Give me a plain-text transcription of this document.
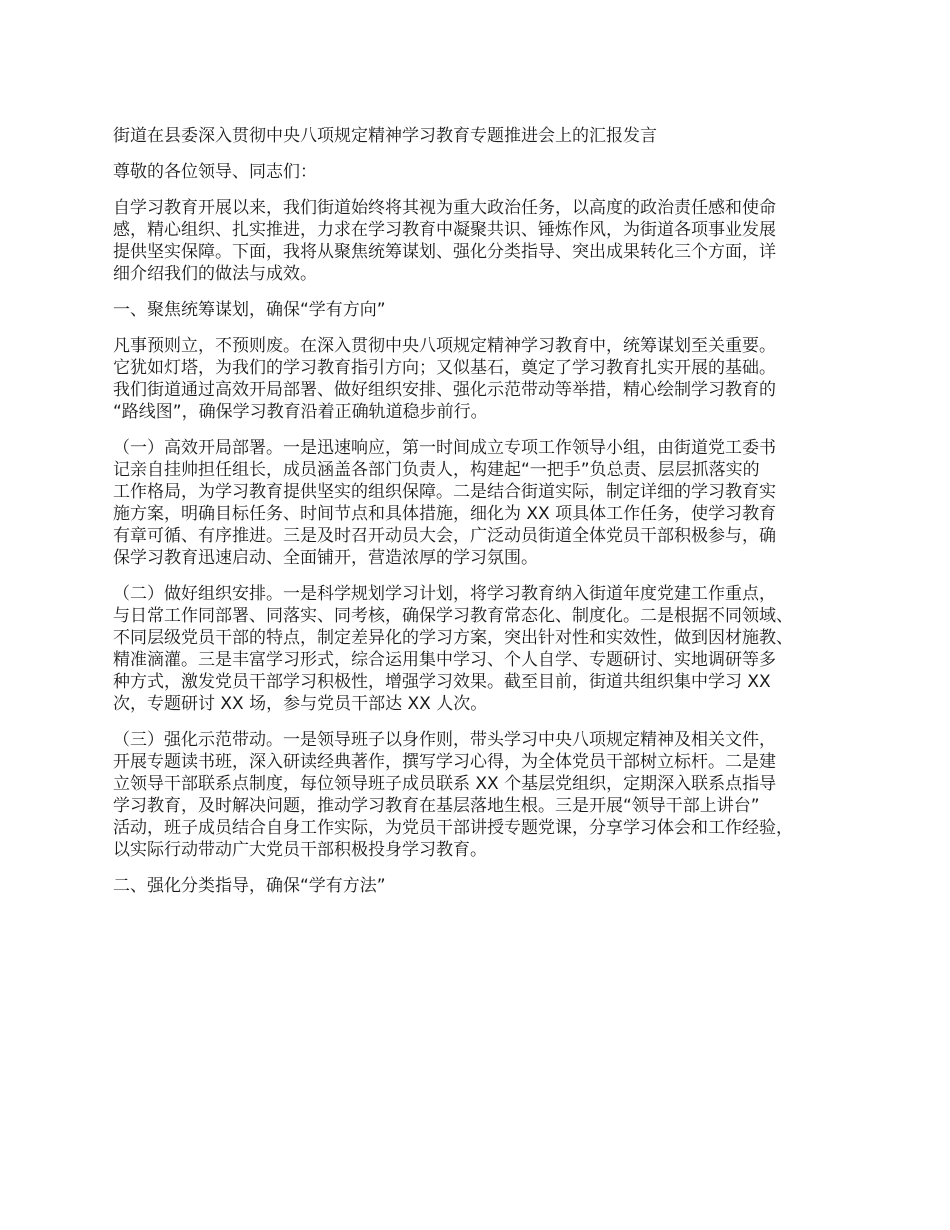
街道在县委深入贯彻中央八项规定精神学习教育专题推进会上的汇报发言

尊敬的各位领导、同志们：

自学习教育开展以来，我们街道始终将其视为重大政治任务，以高度的政治责任感和使命
感，精心组织、扎实推进，力求在学习教育中凝聚共识、锤炼作风，为街道各项事业发展
提供坚实保障。下面，我将从聚焦统筹谋划、强化分类指导、突出成果转化三个方面，详
细介绍我们的做法与成效。

一、聚焦统筹谋划，确保“学有方向”

凡事预则立，不预则废。在深入贯彻中央八项规定精神学习教育中，统筹谋划至关重要。
它犹如灯塔，为我们的学习教育指引方向；又似基石，奠定了学习教育扎实开展的基础。
我们街道通过高效开局部署、做好组织安排、强化示范带动等举措，精心绘制学习教育的
“路线图”，确保学习教育沿着正确轨道稳步前行。

（一）高效开局部署。一是迅速响应，第一时间成立专项工作领导小组，由街道党工委书
记亲自挂帅担任组长，成员涵盖各部门负责人，构建起“一把手”负总责、层层抓落实的
工作格局，为学习教育提供坚实的组织保障。二是结合街道实际，制定详细的学习教育实
施方案，明确目标任务、时间节点和具体措施，细化为 XX 项具体工作任务，使学习教育
有章可循、有序推进。三是及时召开动员大会，广泛动员街道全体党员干部积极参与，确
保学习教育迅速启动、全面铺开，营造浓厚的学习氛围。

（二）做好组织安排。一是科学规划学习计划，将学习教育纳入街道年度党建工作重点，
与日常工作同部署、同落实、同考核，确保学习教育常态化、制度化。二是根据不同领域、
不同层级党员干部的特点，制定差异化的学习方案，突出针对性和实效性，做到因材施教、
精准滴灌。三是丰富学习形式，综合运用集中学习、个人自学、专题研讨、实地调研等多
种方式，激发党员干部学习积极性，增强学习效果。截至目前，街道共组织集中学习 XX
次，专题研讨 XX 场，参与党员干部达 XX 人次。

（三）强化示范带动。一是领导班子以身作则，带头学习中央八项规定精神及相关文件，
开展专题读书班，深入研读经典著作，撰写学习心得，为全体党员干部树立标杆。二是建
立领导干部联系点制度，每位领导班子成员联系 XX 个基层党组织，定期深入联系点指导
学习教育，及时解决问题，推动学习教育在基层落地生根。三是开展“领导干部上讲台”
活动，班子成员结合自身工作实际，为党员干部讲授专题党课，分享学习体会和工作经验，
以实际行动带动广大党员干部积极投身学习教育。

二、强化分类指导，确保“学有方法”
